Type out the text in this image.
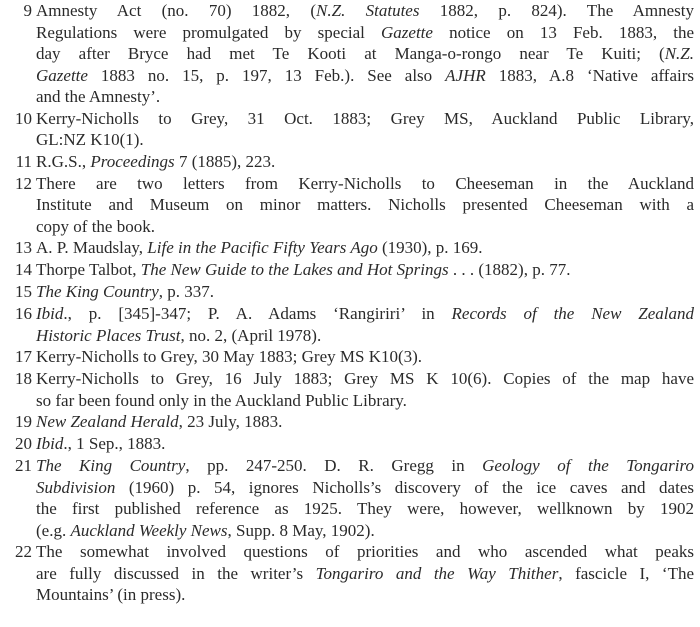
9 Amnesty Act (no. 70) 1882, (N.Z. Statutes 1882, p. 824). The Amnesty
Regulations were promulgated by special Gazette notice on 13 Feb. 1883, the
day after Bryce had met Te Kooti at Manga-o-rongo near Te Kuiti; (N.Z.
Gazette 1883 no. 15, p. 197, 13 Feb.). See also AJHR 1883, A.8 ‘Native affairs
and the Amnesty’.
10 Kerry-Nicholls to Grey, 31 Oct. 1883; Grey MS, Auckland Public Library,
GL:NZ K10(1).
11 R.G.S., Proceedings 7 (1885), 223.
12 There are two letters from Kerry-Nicholls to Cheeseman in the Auckland
Institute and Museum on minor matters. Nicholls presented Cheeseman with a
copy of the book.
13 A. P. Maudslay, Life in the Pacific Fifty Years Ago (1930), p. 169.
14 Thorpe Talbot, The New Guide to the Lakes and Hot Springs . . . (1882), p. 77.
15 The King Country, p. 337.
16 Ibid., p. [345]-347; P. A. Adams ‘Rangiriri’ in Records of the New Zealand
Historic Places Trust, no. 2, (April 1978).
17 Kerry-Nicholls to Grey, 30 May 1883; Grey MS K10(3).
18 Kerry-Nicholls to Grey, 16 July 1883; Grey MS K 10(6). Copies of the map have
so far been found only in the Auckland Public Library.
19 New Zealand Herald, 23 July, 1883.
20 Ibid., 1 Sep., 1883.
21 The King Country, pp. 247-250. D. R. Gregg in Geology of the Tongariro
Subdivision (1960) p. 54, ignores Nicholls’s discovery of the ice caves and dates
the first published reference as 1925. They were, however, wellknown by 1902
(e.g. Auckland Weekly News, Supp. 8 May, 1902).
22 The somewhat involved questions of priorities and who ascended what peaks
are fully discussed in the writer’s Tongariro and the Way Thither, fascicle I, ‘The
Mountains’ (in press).
